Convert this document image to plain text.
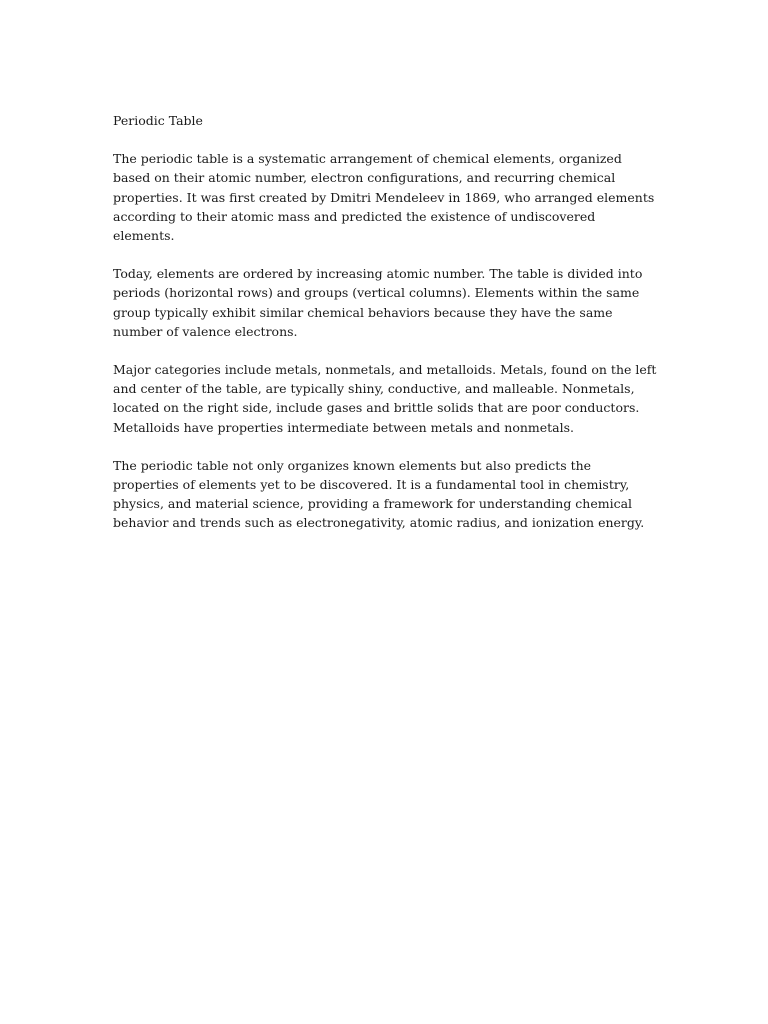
Periodic Table

The periodic table is a systematic arrangement of chemical elements, organized based on their atomic number, electron configurations, and recurring chemical properties. It was first created by Dmitri Mendeleev in 1869, who arranged elements according to their atomic mass and predicted the existence of undiscovered elements.

Today, elements are ordered by increasing atomic number. The table is divided into periods (horizontal rows) and groups (vertical columns). Elements within the same group typically exhibit similar chemical behaviors because they have the same number of valence electrons.

Major categories include metals, nonmetals, and metalloids. Metals, found on the left and center of the table, are typically shiny, conductive, and malleable. Nonmetals, located on the right side, include gases and brittle solids that are poor conductors. Metalloids have properties intermediate between metals and nonmetals.

The periodic table not only organizes known elements but also predicts the properties of elements yet to be discovered. It is a fundamental tool in chemistry, physics, and material science, providing a framework for understanding chemical behavior and trends such as electronegativity, atomic radius, and ionization energy.
